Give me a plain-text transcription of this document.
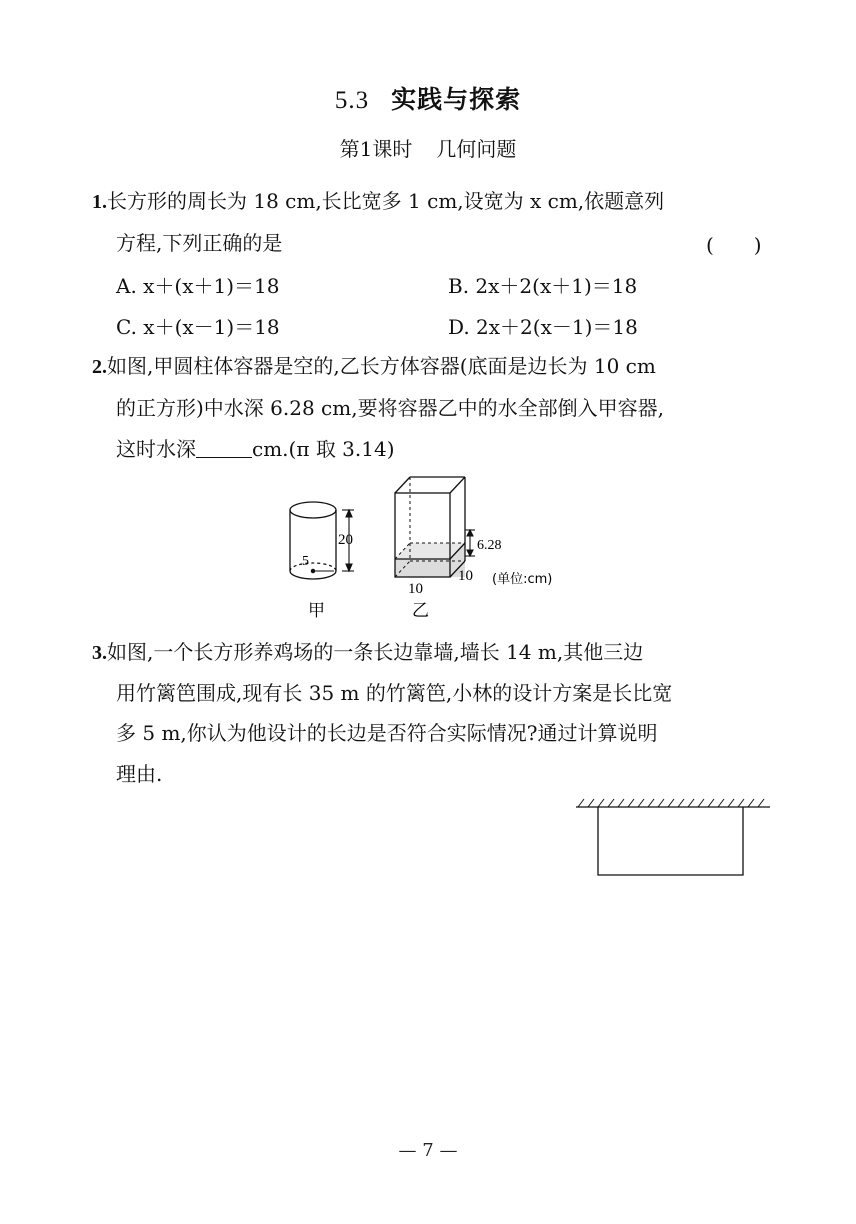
5.3 实践与探索
第1课时 几何问题
1.长方形的周长为 18 cm,长比宽多 1 cm,设宽为 x cm,依题意列
方程,下列正确的是	(　　)
A. x＋(x＋1)＝18	B. 2x＋2(x＋1)＝18
C. x＋(x－1)＝18	D. 2x＋2(x－1)＝18
2.如图,甲圆柱体容器是空的,乙长方体容器(底面是边长为 10 cm
的正方形)中水深 6.28 cm,要将容器乙中的水全部倒入甲容器,
这时水深	cm.(π 取 3.14)
5
20
甲
6.28
10
10 (单位:cm)
乙
3.如图,一个长方形养鸡场的一条长边靠墙,墙长 14 m,其他三边
用竹篱笆围成,现有长 35 m 的竹篱笆,小林的设计方案是长比宽
多 5 m,你认为他设计的长边是否符合实际情况?通过计算说明
理由.
— 7 —
